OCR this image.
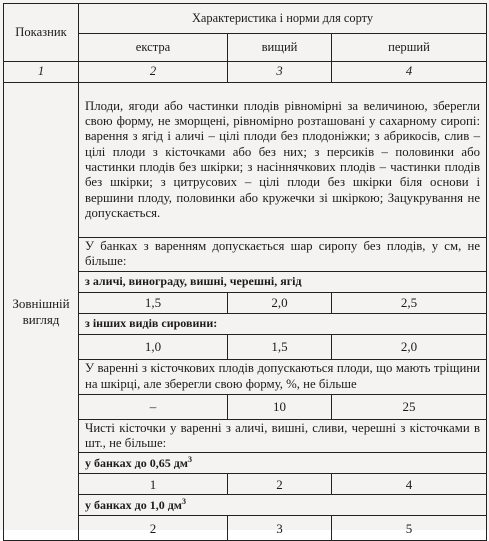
Показник	Характеристика і норми для сорту		
	екстра	вищий	перший
1	2	3	4
Зовнішній вигляд	Плоди, ягоди або частинки плодів рівномірні за величиною, зберегли свою форму, не зморщені, рівномірно розташовані у сахарному сиропі: варення з ягід і аличі – цілі плоди без плодоніжки; з абрикосів, слив – цілі плоди з кісточками або без них; з персиків – половинки або частинки плодів без шкірки; з насіннячкових плодів – частинки плодів без шкірки; з цитрусових – цілі плоди без шкірки біля основи і вершини плоду, половинки або кружечки зі шкіркою; Зацукрування не допускається.		
	У банках з варенням допускається шар сиропу без плодів, у см, не більше:		
	з аличі, винограду, вишні, черешні, ягід		
	1,5	2,0	2,5
	з інших видів сировини:		
	1,0	1,5	2,0
	У варенні з кісточкових плодів допускаються плоди, що мають тріщини на шкірці, але зберегли свою форму, %, не більше		
	–	10	25
	Чисті кісточки у варенні з аличі, вишні, сливи, черешні з кісточками в шт., не більше:		
	у банках до 0,65 $дм^3$
	1	2	4
	у банках до 1,0 $дм^3$
	2	3	5
